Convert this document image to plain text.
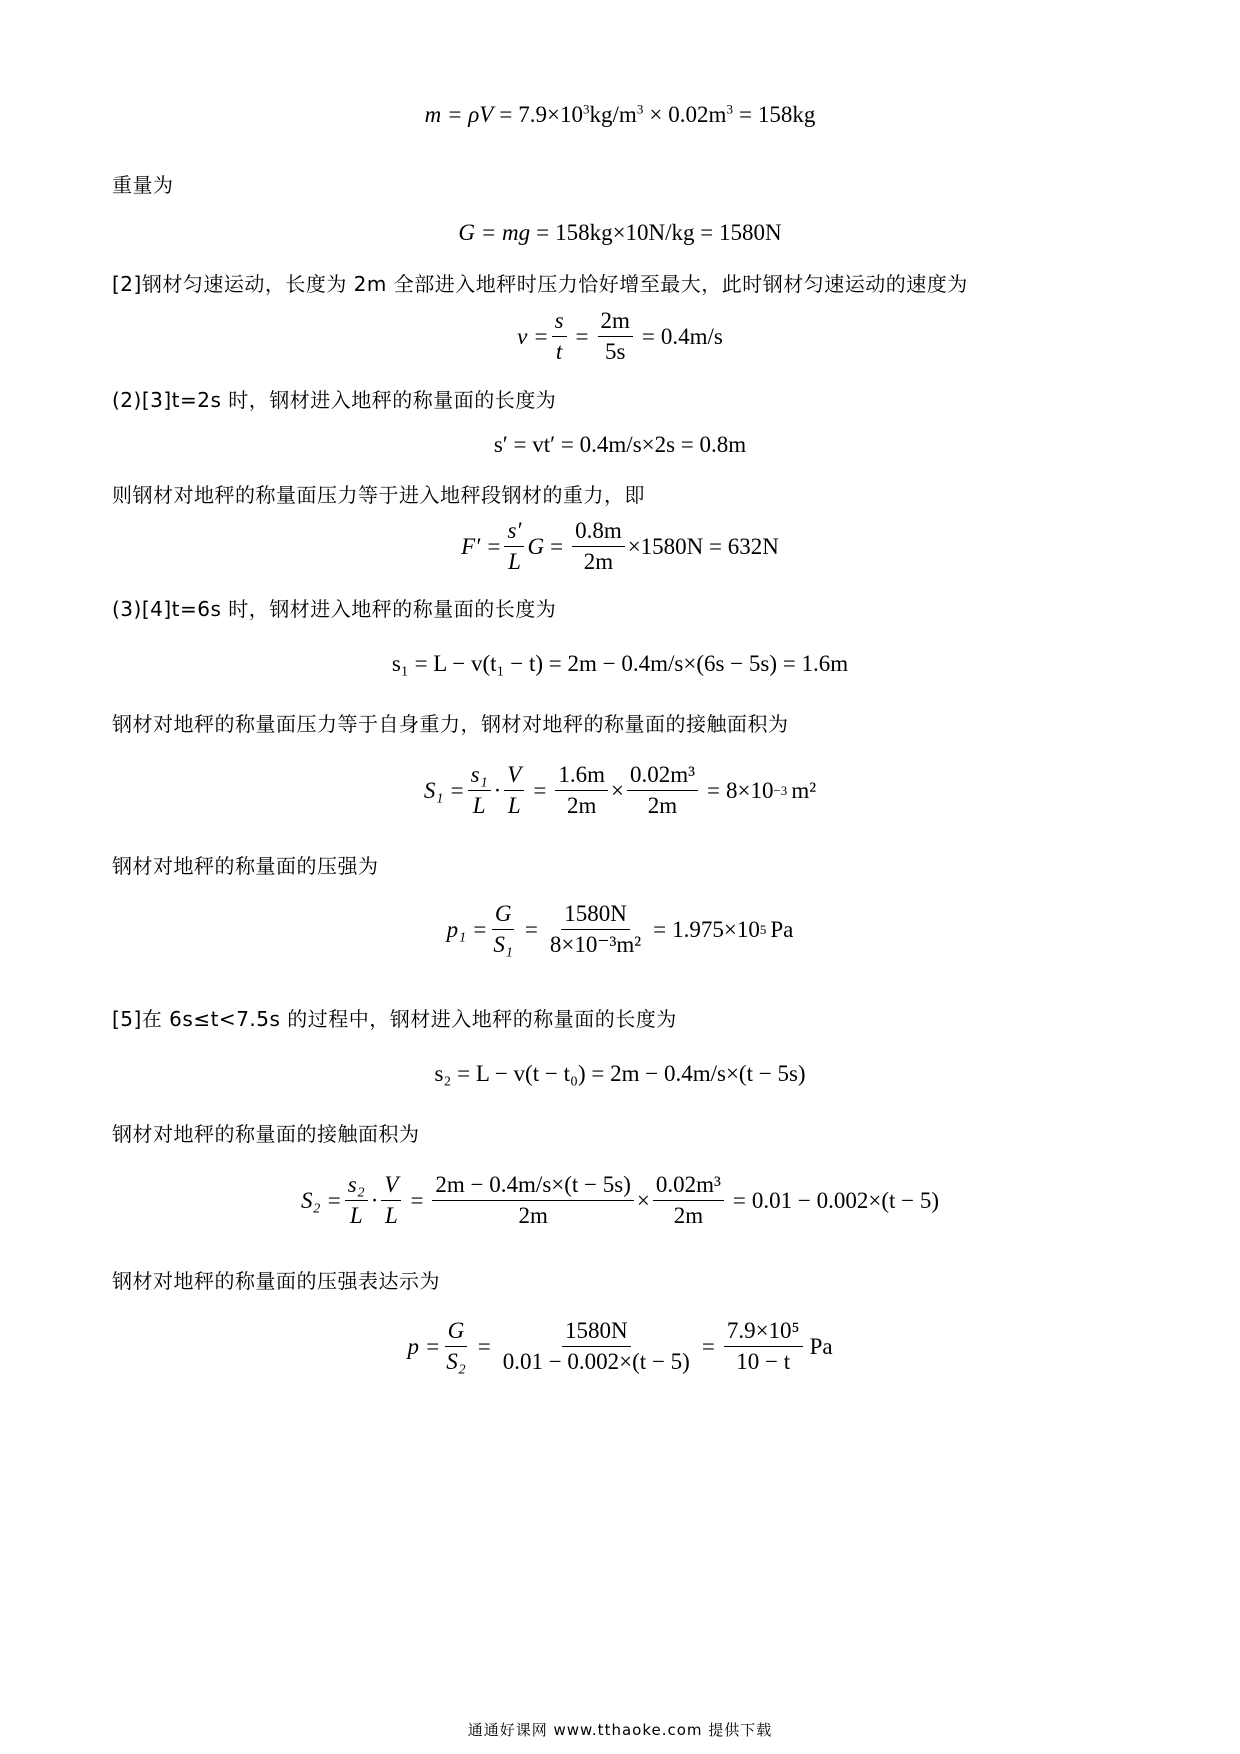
$m = \rho V = 7.9\times 10^3kg/m^3 \times 0.02m^3 = 158kg$
重量为
G = mg = 158kg×10N/kg = 1580N
[2]钢材匀速运动，长度为 2m 全部进入地秤时压力恰好增至最大，此时钢材匀速运动的速度为
$v = \frac{s}{t} = \frac{2m}{5s} = 0.4m/s$
(2)[3]t=2s 时，钢材进入地秤的称量面的长度为
s′ = vt′ = 0.4m/s×2s = 0.8m
则钢材对地秤的称量面压力等于进入地秤段钢材的重力，即
$F' = \frac{s'}{L}$ $G = \frac{0.8m}{2m} \times 1580N = 632N$
(3)[4]t=6s 时，钢材进入地秤的称量面的长度为
s₁ = L − v(t₁ − t) = 2m − 0.4m/s×(6s − 5s) = 1.6m
钢材对地秤的称量面压力等于自身重力，钢材对地秤的称量面的接触面积为
$S_1 = \frac{\text{s₁}}{L} \cdot \frac{V}{L} = \frac{1.6m}{2m} \times \frac{\text{0.02m³}}{2m} = 8\times 10 -3$ m²
钢材对地秤的称量面的压强为
$p_1 = \frac{G}{\text{S₁}} = \frac{1580N}{\text{8×10⁻³m²}} = 1.975\times 10$ 5 Pa
[5]在 6s≤t<7.5s 的过程中，钢材进入地秤的称量面的长度为
s₂ = L − v(t − t₀) = 2m − 0.4m/s×(t − 5s)
钢材对地秤的称量面的接触面积为
$S_2 = \frac{\text{s₂}}{L} \cdot \frac{V}{L} = \frac{2m - 0.4m/s\times(t - 5s)}{2m} \times \frac{\text{0.02m³}}{2m} = 0.01 - 0.002\times(t - 5)$
钢材对地秤的称量面的压强表达示为
$p = \frac{G}{\text{S₂}} = \frac{1580N}{0.01 - 0.002\times(t - 5)} = \frac{\text{7.9×10⁵}}{10 - t}$ Pa
通通好课网 www.tthaoke.com 提供下载
